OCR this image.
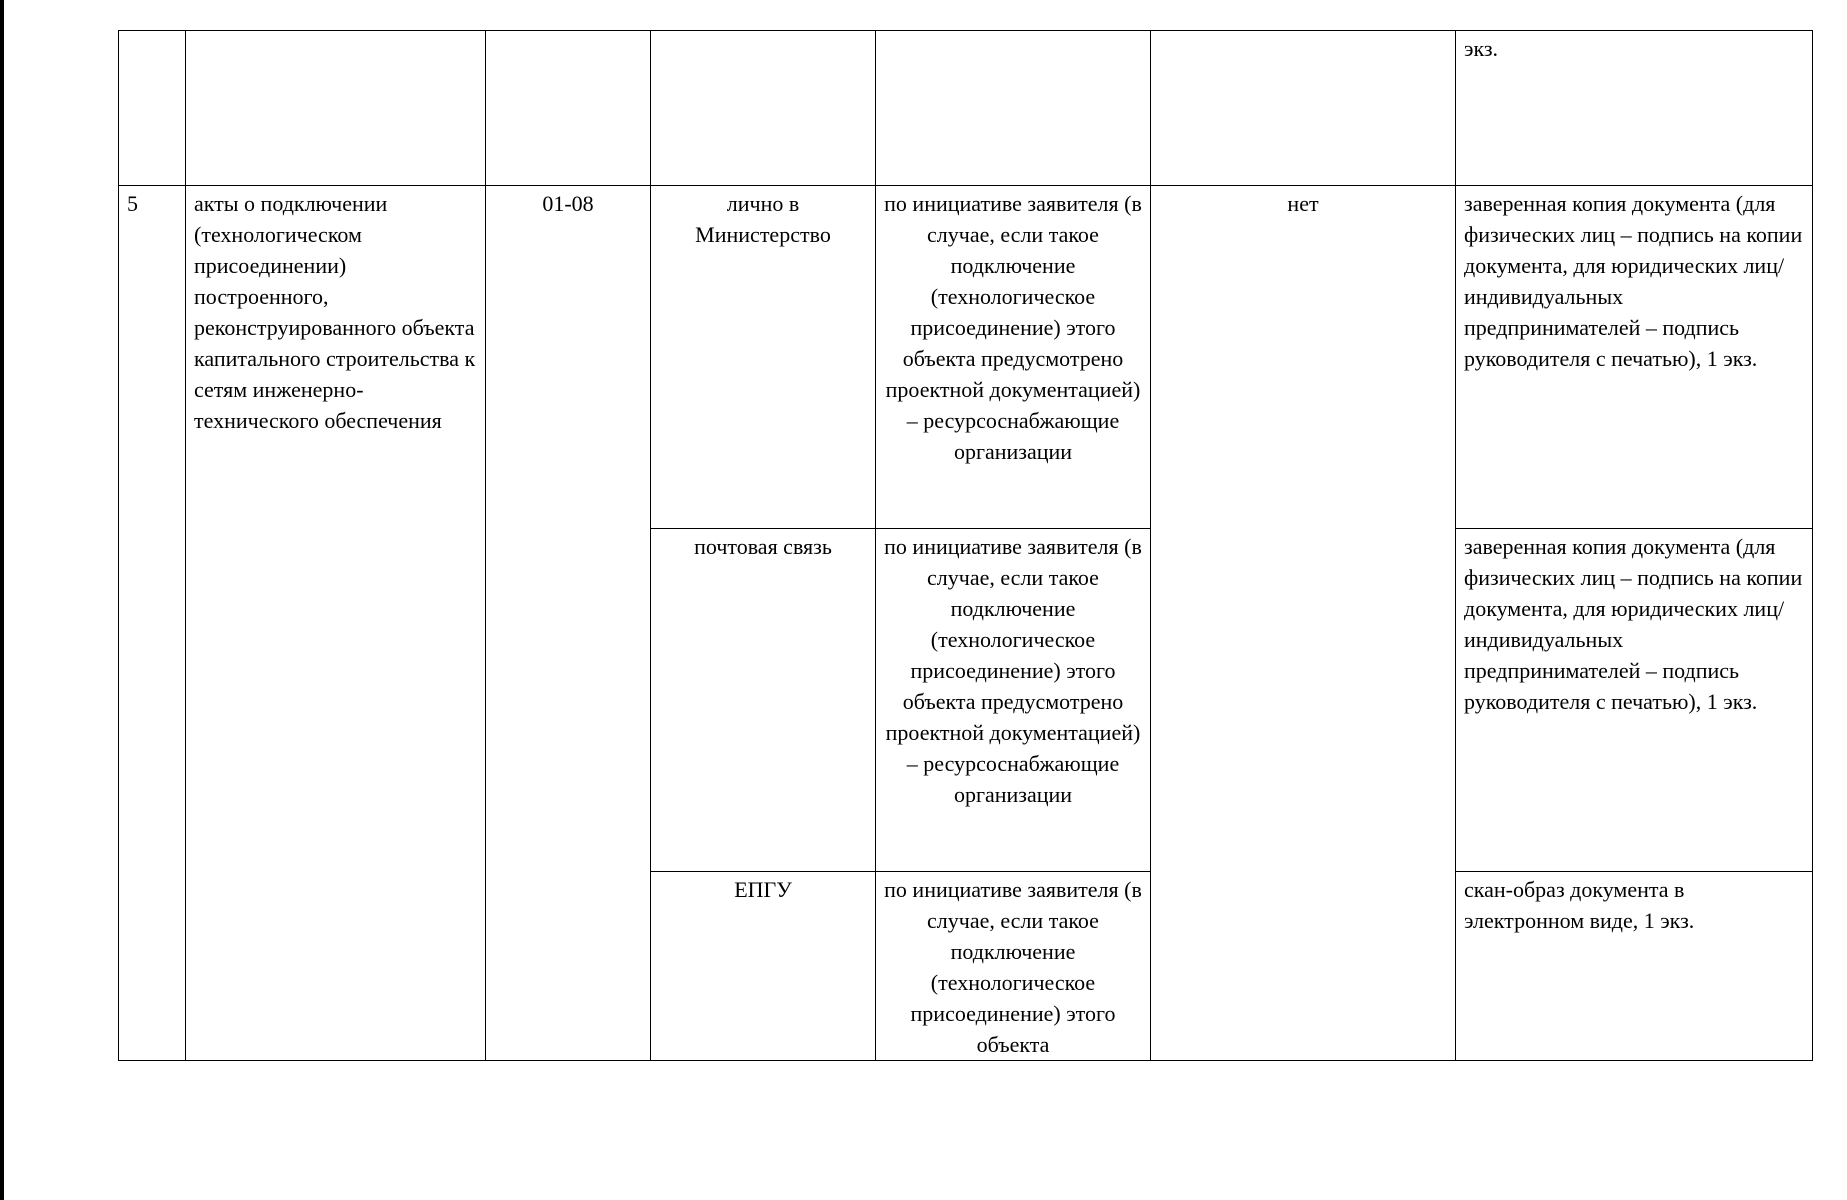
						экз.
5	акты о подключении (технологическом присоединении) построенного, реконструированного объекта капитального строительства к сетям инженерно-технического обеспечения	01-08	лично в Министерство	по инициативе заявителя (в случае, если такое подключение (технологическое присоединение) этого объекта предусмотрено проектной документацией) – ресурсоснабжающие организации	нет	заверенная копия документа (для физических лиц – подпись на копии документа, для юридических лиц/индивидуальных предпринимателей – подпись руководителя с печатью), 1 экз.
			почтовая связь	по инициативе заявителя (в случае, если такое подключение (технологическое присоединение) этого объекта предусмотрено проектной документацией) – ресурсоснабжающие организации		заверенная копия документа (для физических лиц – подпись на копии документа, для юридических лиц/индивидуальных предпринимателей – подпись руководителя с печатью), 1 экз.
			ЕПГУ	по инициативе заявителя (в случае, если такое подключение (технологическое присоединение) этого объекта		скан-образ документа в электронном виде, 1 экз.
